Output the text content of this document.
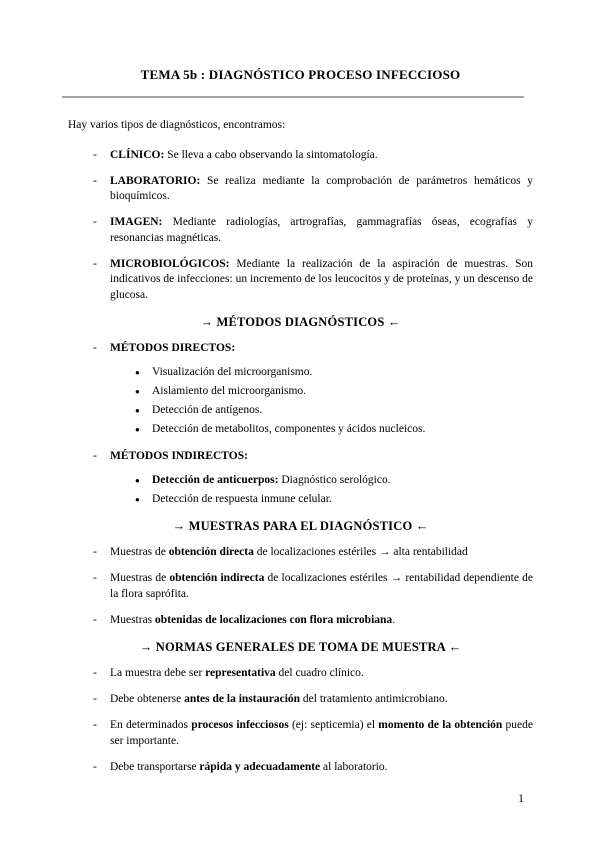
TEMA 5b : DIAGNÓSTICO PROCESO INFECCIOSO

Hay varios tipos de diagnósticos, encontramos:

-	CLÍNICO: Se lleva a cabo observando la sintomatología.

-	LABORATORIO: Se realiza mediante la comprobación de parámetros hemáticos y bioquímicos.

-	IMAGEN: Mediante radiologías, artrografías, gammagrafías óseas, ecografías y resonancias magnéticas.

-	MICROBIOLÓGICOS: Mediante la realización de la aspiración de muestras. Son indicativos de infecciones: un incremento de los leucocitos y de proteínas, y un descenso de glucosa.

→ MÉTODOS DIAGNÓSTICOS ←
-	MÉTODOS DIRECTOS:

●	Visualización del microorganismo.

●	Aislamiento del microorganismo.

●	Detección de antígenos.

●	Detección de metabolitos, componentes y ácidos nucleicos.

-	MÉTODOS INDIRECTOS:

●	Detección de anticuerpos: Diagnóstico serológico.

●	Detección de respuesta inmune celular.

→ MUESTRAS PARA EL DIAGNÓSTICO ←
-	Muestras de obtención directa de localizaciones estériles → alta rentabilidad

-	Muestras de obtención indirecta de localizaciones estériles → rentabilidad dependiente de la flora saprófita.

-	Muestras obtenidas de localizaciones con flora microbiana.

→ NORMAS GENERALES DE TOMA DE MUESTRA ←
-	La muestra debe ser representativa del cuadro clínico.

-	Debe obtenerse antes de la instauración del tratamiento antimicrobiano.

-	En determinados procesos infecciosos (ej: septicemia) el momento de la obtención puede ser importante.

-	Debe transportarse rápida y adecuadamente al laboratorio.

1
